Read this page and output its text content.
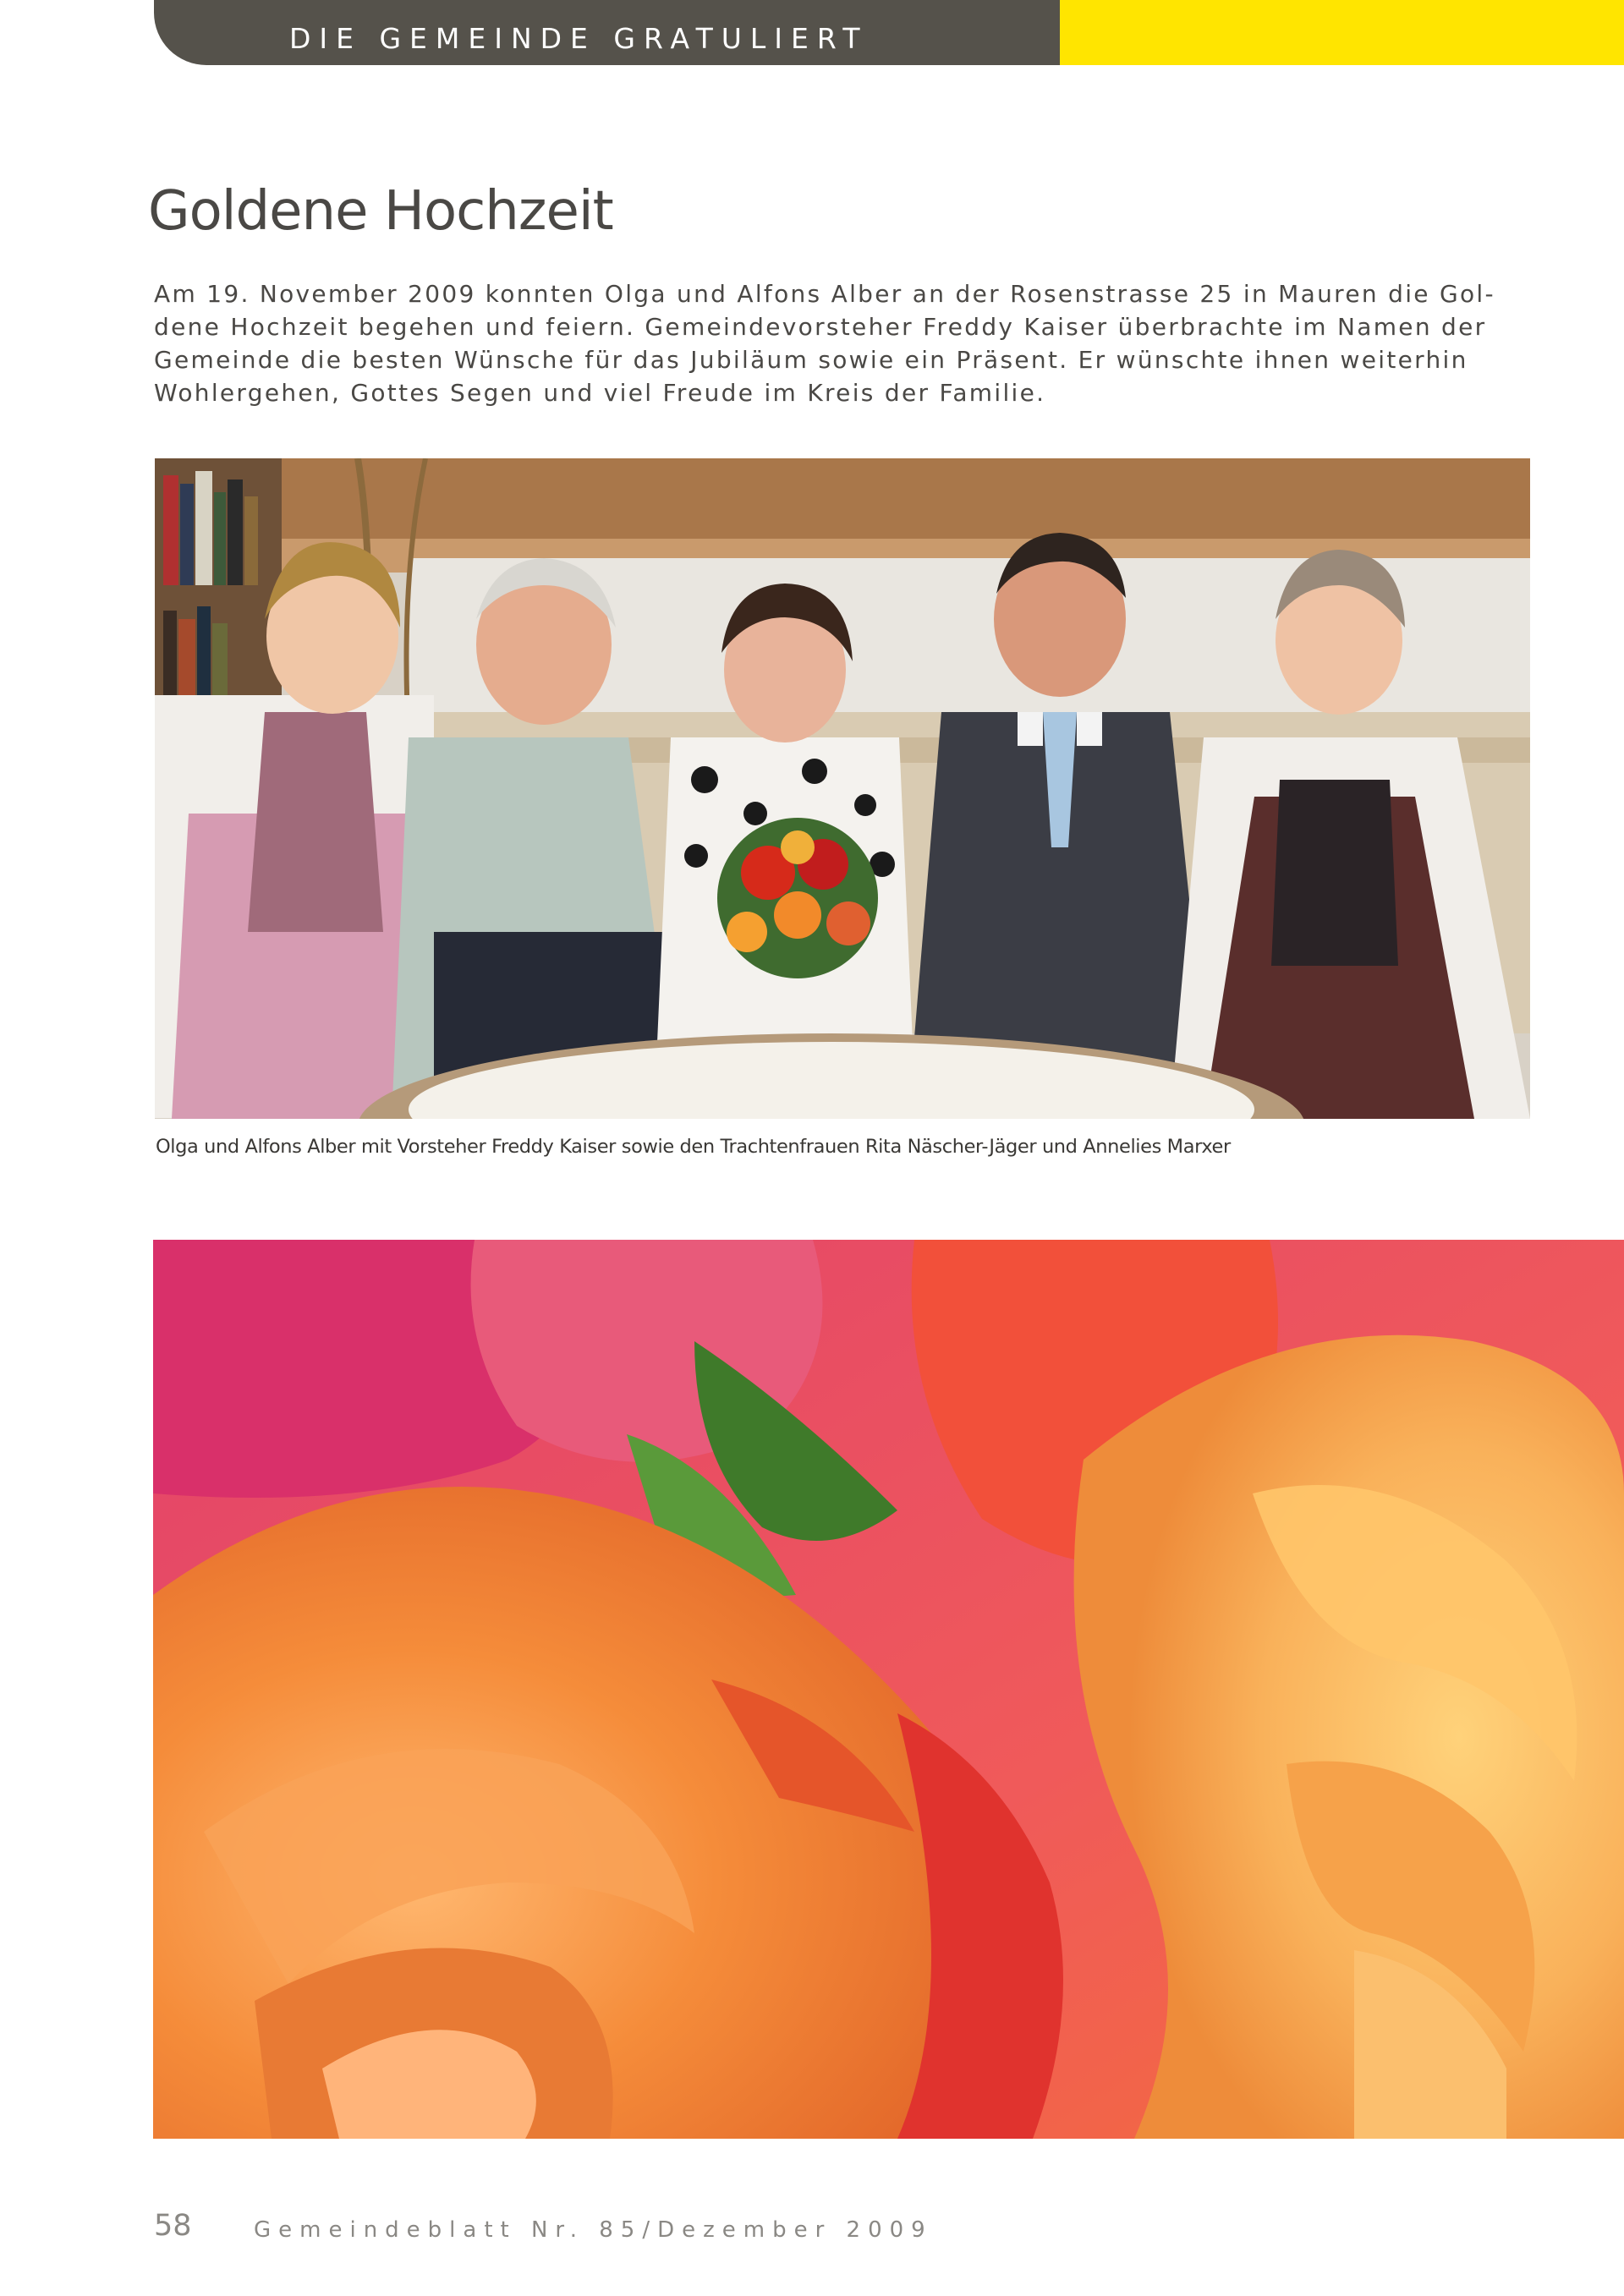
DIE GEMEINDE GRATULIERT
Goldene Hochzeit

Am 19. November 2009 konnten Olga und Alfons Alber an der Rosenstrasse 25 in Mauren die Gol-
dene Hochzeit begehen und feiern. Gemeindevorsteher Freddy Kaiser überbrachte im Namen der
Gemeinde die besten Wünsche für das Jubiläum sowie ein Präsent. Er wünschte ihnen weiterhin
Wohlergehen, Gottes Segen und viel Freude im Kreis der Familie.

Olga und Alfons Alber mit Vorsteher Freddy Kaiser sowie den Trachtenfrauen Rita Näscher-Jäger und Annelies Marxer
58	Gemeindeblatt Nr. 85/Dezember 2009
